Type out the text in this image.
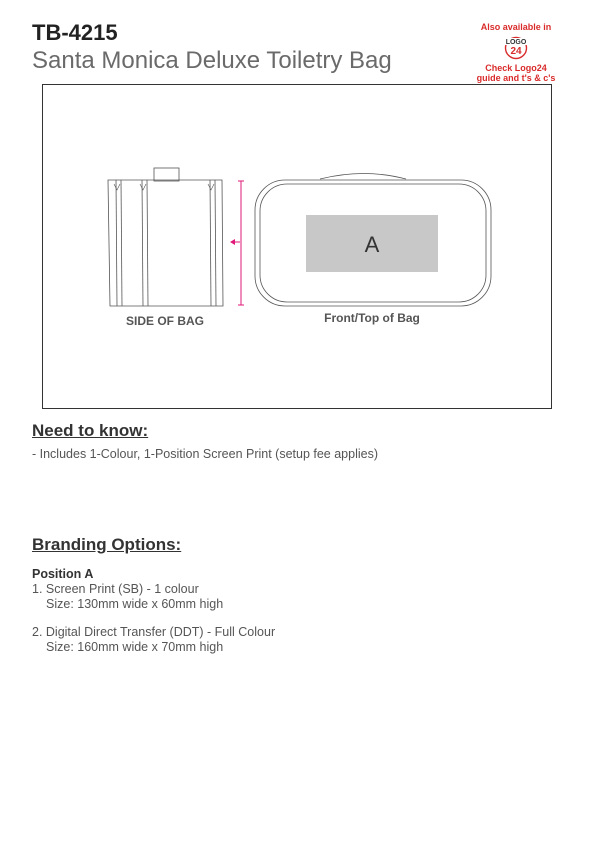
TB-4215
Santa Monica Deluxe Toiletry Bag
Also available in
LOGO
24
Check Logo24
guide and t's & c's
A
SIDE OF BAG	Front/Top of Bag
Need to know:
- Includes 1-Colour, 1-Position Screen Print (setup fee applies)
Branding Options:
Position A
1. Screen Print (SB) - 1 colour
Size: 130mm wide x 60mm high
2. Digital Direct Transfer (DDT) - Full Colour
Size: 160mm wide x 70mm high
